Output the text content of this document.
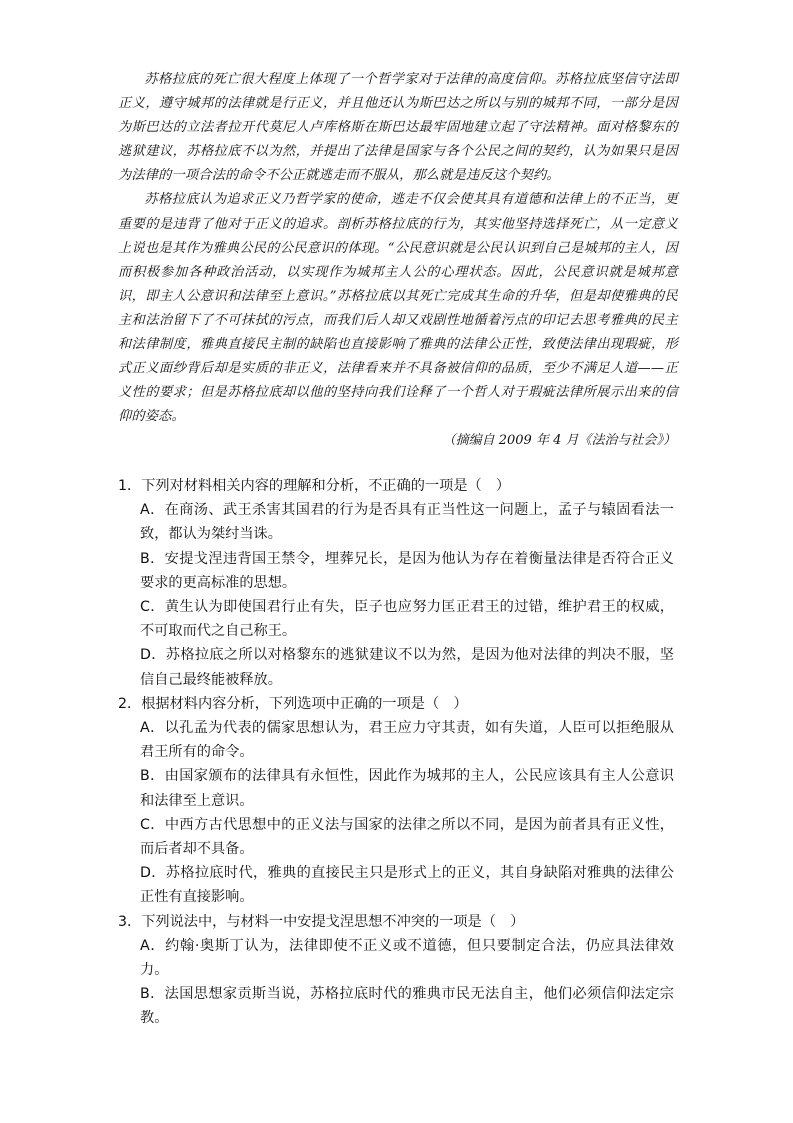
苏格拉底的死亡很大程度上体现了一个哲学家对于法律的高度信仰。苏格拉底坚信守法即正义，遵守城邦的法律就是行正义，并且他还认为斯巴达之所以与别的城邦不同，一部分是因为斯巴达的立法者拉开代莫尼人卢库格斯在斯巴达最牢固地建立起了守法精神。面对格黎东的逃狱建议，苏格拉底不以为然，并提出了法律是国家与各个公民之间的契约，认为如果只是因为法律的一项合法的命令不公正就逃走而不服从，那么就是违反这个契约。

苏格拉底认为追求正义乃哲学家的使命，逃走不仅会使其具有道德和法律上的不正当，更重要的是违背了他对于正义的追求。剖析苏格拉底的行为，其实他坚持选择死亡，从一定意义上说也是其作为雅典公民的公民意识的体现。“公民意识就是公民认识到自己是城邦的主人，因而积极参加各种政治活动，以实现作为城邦主人公的心理状态。因此，公民意识就是城邦意识，即主人公意识和法律至上意识。”苏格拉底以其死亡完成其生命的升华，但是却使雅典的民主和法治留下了不可抹拭的污点，而我们后人却又戏剧性地循着污点的印记去思考雅典的民主和法律制度，雅典直接民主制的缺陷也直接影响了雅典的法律公正性，致使法律出现瑕疵，形式正义面纱背后却是实质的非正义，法律看来并不具备被信仰的品质，至少不满足人道——正义性的要求；但是苏格拉底却以他的坚持向我们诠释了一个哲人对于瑕疵法律所展示出来的信仰的姿态。

（摘编自 2009 年 4 月《法治与社会》）
1．下列对材料相关内容的理解和分析，不正确的一项是（　）
A．在商汤、武王杀害其国君的行为是否具有正当性这一问题上，孟子与辕固看法一致，都认为桀纣当诛。
B．安提戈涅违背国王禁令，埋葬兄长，是因为他认为存在着衡量法律是否符合正义要求的更高标准的思想。
C．黄生认为即使国君行止有失，臣子也应努力匡正君王的过错，维护君王的权威，不可取而代之自己称王。
D．苏格拉底之所以对格黎东的逃狱建议不以为然，是因为他对法律的判决不服，坚信自己最终能被释放。
2．根据材料内容分析，下列选项中正确的一项是（　）
A．以孔孟为代表的儒家思想认为，君王应力守其责，如有失道，人臣可以拒绝服从君王所有的命令。
B．由国家颁布的法律具有永恒性，因此作为城邦的主人，公民应该具有主人公意识和法律至上意识。
C．中西方古代思想中的正义法与国家的法律之所以不同，是因为前者具有正义性，而后者却不具备。
D．苏格拉底时代，雅典的直接民主只是形式上的正义，其自身缺陷对雅典的法律公正性有直接影响。
3．下列说法中，与材料一中安提戈涅思想不冲突的一项是（　）
A．约翰·奥斯丁认为，法律即使不正义或不道德，但只要制定合法，仍应具法律效力。
B．法国思想家贡斯当说，苏格拉底时代的雅典市民无法自主，他们必须信仰法定宗教。
